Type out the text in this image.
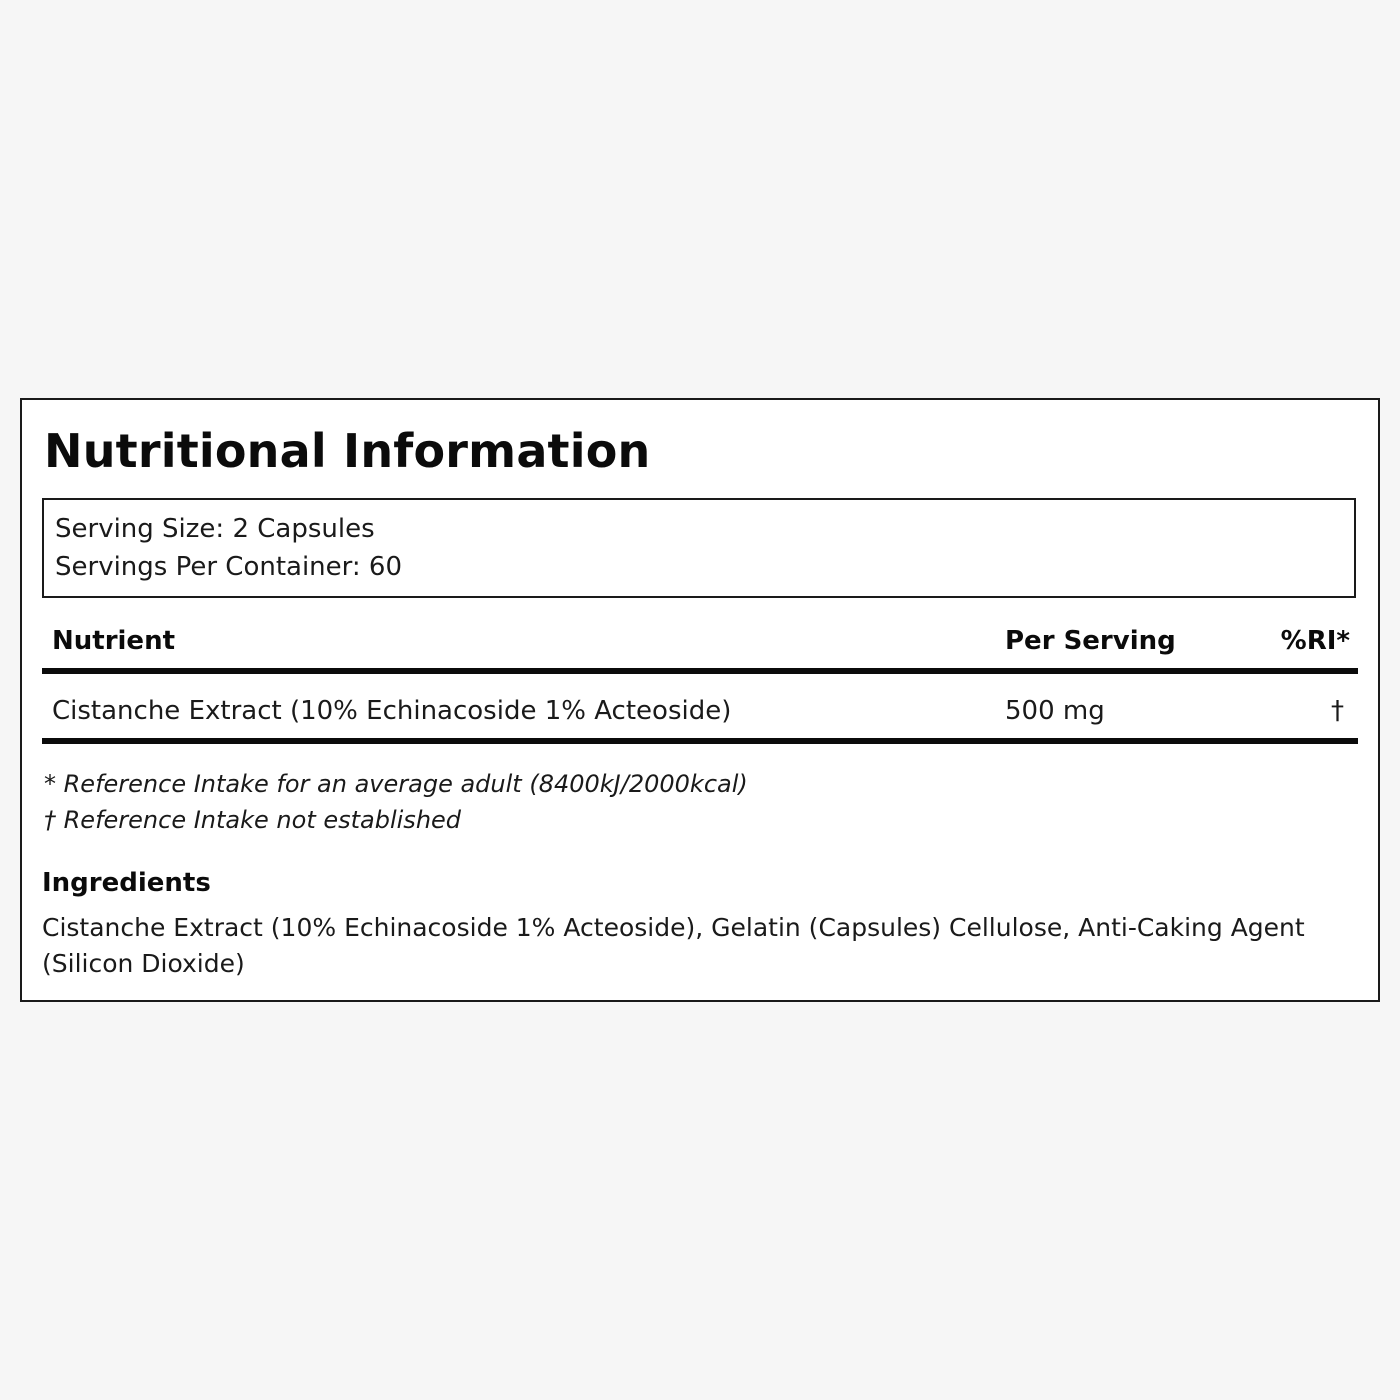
Nutritional Information
Serving Size: 2 Capsules
Servings Per Container: 60
Nutrient	Per Serving	%RI*
Cistanche Extract (10% Echinacoside 1% Acteoside)	500 mg	†
* Reference Intake for an average adult (8400kJ/2000kcal)
† Reference Intake not established
Ingredients
Cistanche Extract (10% Echinacoside 1% Acteoside), Gelatin (Capsules) Cellulose, Anti-Caking Agent (Silicon Dioxide)
